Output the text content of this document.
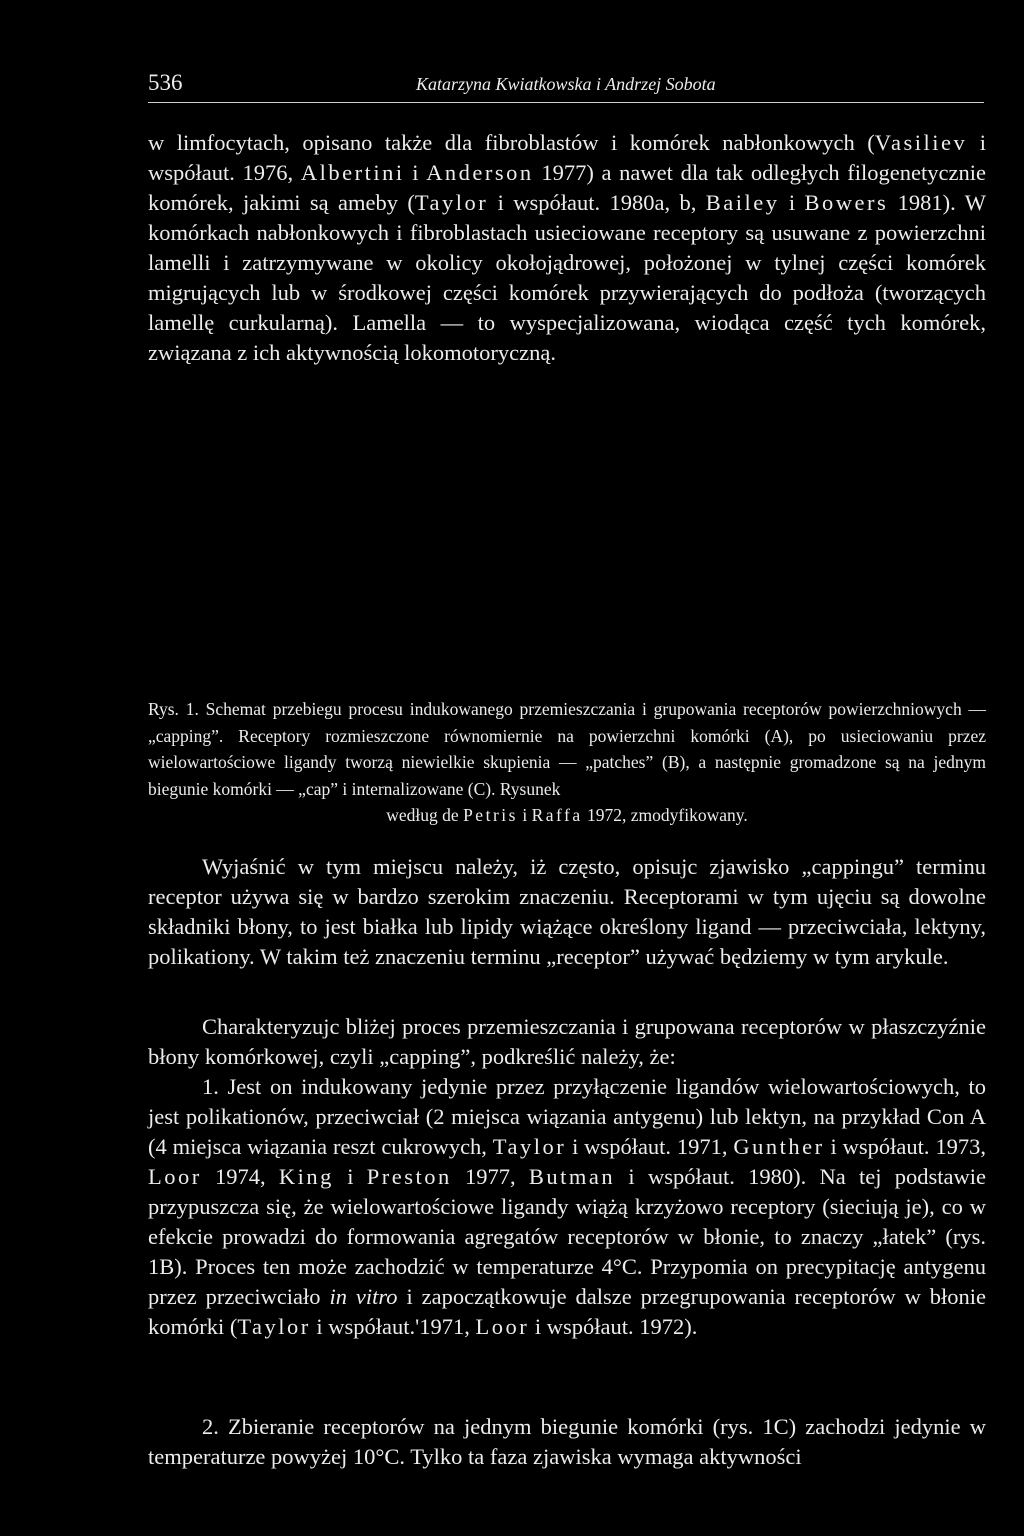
536	Katarzyna Kwiatkowska i Andrzej Sobota

w limfocytach, opisano także dla fibroblastów i komórek nabłonkowych (Vasiliev i współaut. 1976, Albertini i Anderson 1977) a nawet dla tak odległych filogenetycznie komórek, jakimi są ameby (Taylor i współaut. 1980a, b, Bailey i Bowers 1981). W komórkach nabłonkowych i fibroblastach usieciowane receptory są usuwane z powierzchni lamelli i zatrzymywane w okolicy okołojądrowej, położonej w tylnej części komórek migrujących lub w środkowej części komórek przywierających do podłoża (tworzących lamellę curkularną). Lamella — to wyspecjalizowana, wiodąca część tych komórek, związana z ich aktywnością lokomotoryczną.

Rys. 1. Schemat przebiegu procesu indukowanego przemieszczania i grupowania receptorów powierzchniowych — „capping”. Receptory rozmieszczone równomiernie na powierzchni komórki (A), po usieciowaniu przez wielowartościowe ligandy tworzą niewielkie skupienia — „patches” (B), a następnie gromadzone są na jednym biegunie komórki — „cap” i internalizowane (C). Rysunek
według de Petris i Raffa 1972, zmodyfikowany.

Wyjaśnić w tym miejscu należy, iż często, opisujc zjawisko „cappingu” terminu receptor używa się w bardzo szerokim znaczeniu. Receptorami w tym ujęciu są dowolne składniki błony, to jest białka lub lipidy wiążące określony ligand — przeciwciała, lektyny, polikationy. W takim też znaczeniu terminu „receptor” używać będziemy w tym arykule.

Charakteryzujc bliżej proces przemieszczania i grupowana receptorów w płaszczyźnie błony komórkowej, czyli „capping”, podkreślić należy, że:

1. Jest on indukowany jedynie przez przyłączenie ligandów wielowartościowych, to jest polikationów, przeciwciał (2 miejsca wiązania antygenu) lub lektyn, na przykład Con A (4 miejsca wiązania reszt cukrowych, Taylor i współaut. 1971, Gunther i współaut. 1973, Loor 1974, King i Preston 1977, Butman i współaut. 1980). Na tej podstawie przypuszcza się, że wielowartościowe ligandy wiążą krzyżowo receptory (sieciują je), co w efekcie prowadzi do formowania agregatów receptorów w błonie, to znaczy „łatek” (rys. 1B). Proces ten może zachodzić w temperaturze 4°C. Przypomia on precypitację antygenu przez przeciwciało in vitro i zapoczątkowuje dalsze przegrupowania receptorów w błonie komórki (Taylor i współaut.'1971, Loor i współaut. 1972).

2. Zbieranie receptorów na jednym biegunie komórki (rys. 1C) zachodzi jedynie w temperaturze powyżej 10°C. Tylko ta faza zjawiska wymaga aktywności
